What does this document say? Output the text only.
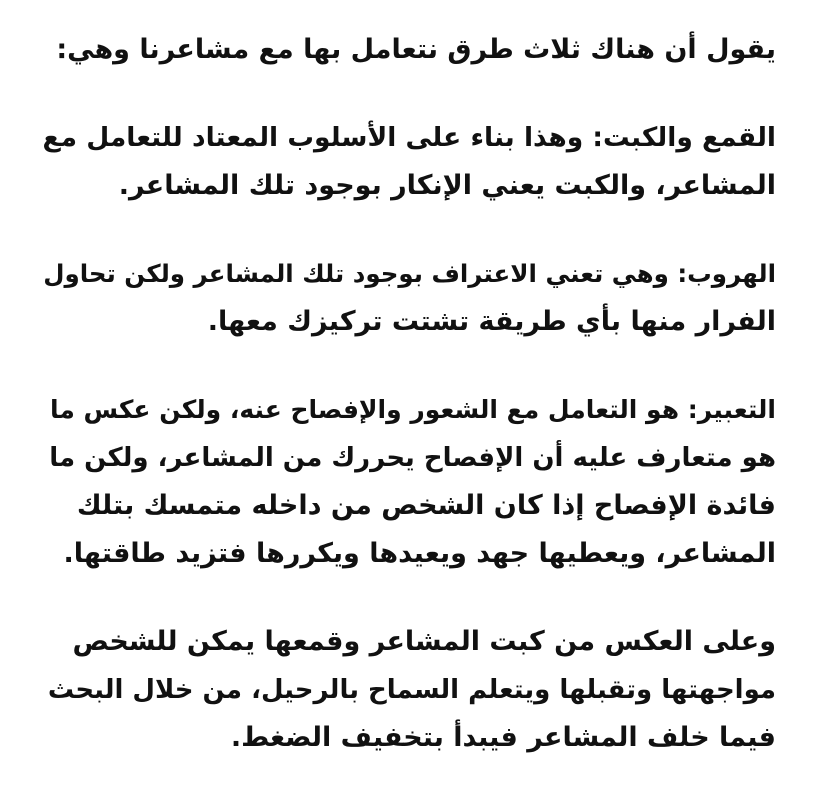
يقول أن هناك ثلاث طرق نتعامل بها مع مشاعرنا وهي:

القمع والكبت: وهذا بناء على الأسلوب المعتاد للتعامل مع
المشاعر، والكبت يعني الإنكار بوجود تلك المشاعر.

الهروب: وهي تعني الاعتراف بوجود تلك المشاعر ولكن تحاول
الفرار منها بأي طريقة تشتت تركيزك معها.

التعبير: هو التعامل مع الشعور والإفصاح عنه، ولكن عكس ما
هو متعارف عليه أن الإفصاح يحررك من المشاعر، ولكن ما
فائدة الإفصاح إذا كان الشخص من داخله متمسك بتلك
المشاعر، ويعطيها جهد ويعيدها ويكررها فتزيد طاقتها.

وعلى العكس من كبت المشاعر وقمعها يمكن للشخص
مواجهتها وتقبلها ويتعلم السماح بالرحيل، من خلال البحث
فيما خلف المشاعر فيبدأ بتخفيف الضغط.
